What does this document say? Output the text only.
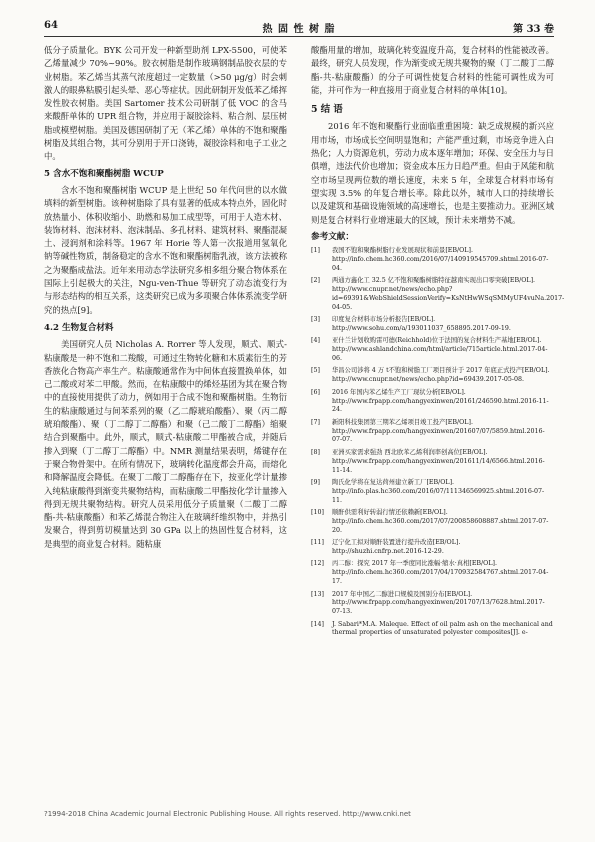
64	热 固 性 树 脂	第 33 卷

低分子质量化。BYK 公司开发一种新型助剂 LPX-5500，可使苯乙烯量减少 70%~90%。胶衣树脂是制作玻璃钢制品胶衣层的专业树脂。苯乙烯当其蒸气浓度超过一定数量（>50 μg/g）时会刺激人的眼鼻粘膜引起头晕、恶心等症状。因此研制开发低苯乙烯挥发性胶衣树脂。美国 Sartomer 技术公司研制了低 VOC 的含马来酸酐单体的 UPR 组合物，并应用于凝胶涂料、粘合剂、层压树脂或模塑树脂。美国及德国研制了无（苯乙烯）单体的不饱和聚酯树脂及其组合物，其可分别用于开口浇铸，凝胶涂料和电子工业之中。

5 含水不饱和聚酯树脂 WCUP

含水不饱和聚酯树脂 WCUP 是上世纪 50 年代问世的以水做填料的新型树脂。该种树脂除了具有显著的低成本特点外，固化时放热量小、体积收缩小、助燃和易加工成型等，可用于人造木材、装饰材料、泡沫材料、泡沫制品、多孔材料、建筑材料、聚酯混凝土、浸润剂和涂料等。1967 年 Horie 等人第一次报道用氢氧化钠等碱性物质，制备稳定的含水不饱和聚酯树脂乳液，该方法被称之为聚酯成盐法。近年来用动态学法研究多相多组分聚合物体系在国际上引起极大的关注，Ngu-ven-Thue 等研究了动态流变行为与形态结构的相互关系，这类研究已成为多项聚合体体系流变学研究的热点[9]。

4.2 生物复合材料

美国研究人员 Nicholas A. Rorrer 等人发现，顺式、顺式-粘康酸是一种不饱和二羧酸，可通过生物转化糖和木质素衍生的芳香族化合物高产率生产。粘康酸通常作为中间体直接置换单体，如己二酸或对苯二甲酸。然而，在粘康酸中的烯烃基团为其在聚合物中的直接使用提供了动力，例如用于合成不饱和聚酯树脂。生物衍生的粘康酸通过与间苯系列的聚（乙二醇琥珀酸酯）、聚（丙二醇琥珀酸酯）、聚（丁二醇丁二醇酯）和聚（己二酸丁二醇酯）缩聚结合到聚酯中。此外，顺式，顺式-粘康酸二甲酯被合成，并随后掺入到聚（丁二醇丁二醇酯）中。NMR 测量结果表明，烯键存在于聚合物骨架中。在所有情况下，玻璃转化温度都会升高，而熔化和降解温度会降低。在聚丁二酸丁二醇酯存在下，按亚化学计量掺入纯粘康酸得到渐变共聚物结构，而粘康酸二甲酯按化学计量掺入得到无规共聚物结构。研究人员采用低分子质量聚（二酸丁二醇酯-共-粘康酸酯）和苯乙烯混合物注入在玻璃纤维织物中，并热引发聚合，得到剪切模量达到 30 GPa 以上的热固性复合材料，这是典型的商业复合材料。随粘康

酸酯用量的增加，玻璃化转变温度升高，复合材料的性能被改善。最终，研究人员发现，作为渐变或无规共聚物的聚（丁二酸丁二醇酯-共-粘康酸酯）的分子可调性使复合材料的性能可调性成为可能，并可作为一种直接用于商业复合材料的单体[10]。

5 结 语

2016 年不饱和聚酯行业面临重重困境：缺乏成规模的新兴应用市场，市场成长空间明显饱和；产能严重过剩，市场竞争进入白热化；人力资源危机，劳动力成本逐年增加；环保、安全压力与日俱增，违法代价也增加；资金成本压力日趋严重。但由于风能和航空市场呈现两位数的增长速度，未来 5 年，全球复合材料市场有望实现 3.5% 的年复合增长率。除此以外，城市人口的持续增长以及建筑和基础设施领域的高速增长，也是主要推动力。亚洲区域则是复合材料行业增速最大的区域，预计未来增势不减。

参考文献：
[1] 我国不饱和聚酯树脂行业发展现状和前景[EB/OL]. http://info.chem.hc360.com/2016/07/140919545709.shtml.2016-07-04.
[2] 两通方鑫化工 32.5 亿不饱和聚酯树脂特征越南实现出口零突破[EB/OL]. http://www.cnupr.net/news/echo.php?id=69391&WebShieldSessionVerify=KsNtHwWSqSMMyUF4vuNa.2017-04-05.
[3] 印度复合材料市场分析报告[EB/OL]. http://www.sohu.com/a/193011037_658895.2017-09-19.
[4] 亚什兰计划收购雷可德(Reichhold)位于法国的复合材料生产基地[EB/OL]. http://www.ashlandchina.com/html/article/715article.html.2017-04-06.
[5] 华昌公司涉将 4 万 t不饱和树脂工厂项目预计于 2017 年底正式投产[EB/OL]. http://www.cnupr.net/news/echo.php?id=69439.2017-05-08.
[6] 2016 年国内苯乙烯生产工厂现状分析[EB/OL]. http://www.frpapp.com/hangyexinwen/20161/246590.html.2016-11-24.
[7] 新阳科技集团第三期苯乙烯项目竣工投产[EB/OL]. http://www.frpapp.com/hangyexinwen/201607/07/5859.html.2016-07-07.
[8] 亚洲买家需求强劲 西北欧苯乙烯利润率创高位[EB/OL]. http://www.frpapp.com/hangyexinwen/201611/14/6566.html.2016-11-14.
[9] 陶氏化学将在复达荷州建立新工厂[EB/OL]. http://info.plas.hc360.com/2016/07/111346569925.shtml.2016-07-11.
[10] 顺酐供需利好转弱行情还依赖新[EB/OL]. http://info.chem.hc360.com/2017/07/200858608887.shtml.2017-07-20.
[11] 辽宁化工拟对顺酐装置进行提升改造[EB/OL]. http://shuzhi.cnfrp.net.2016-12-29.
[12] 丙二醇：探究 2017 年一季度同比涨幅·缩水·真相[EB/OL]. http://info.chem.hc360.com/2017/04/170932584767.shtml.2017-04-17.
[13] 2017 年中国乙二醇进口规模及国别分布[EB/OL]. http://www.frpapp.com/hangyexinwen/201707/13/7628.html.2017-07-13.
[14] J. Sabari*M.A. Maleque. Effect of oil palm ash on the mechanical and thermal properties of unsaturated polyester composites[J]. e-
?1994-2018 China Academic Journal Electronic Publishing House. All rights reserved. http://www.cnki.net
